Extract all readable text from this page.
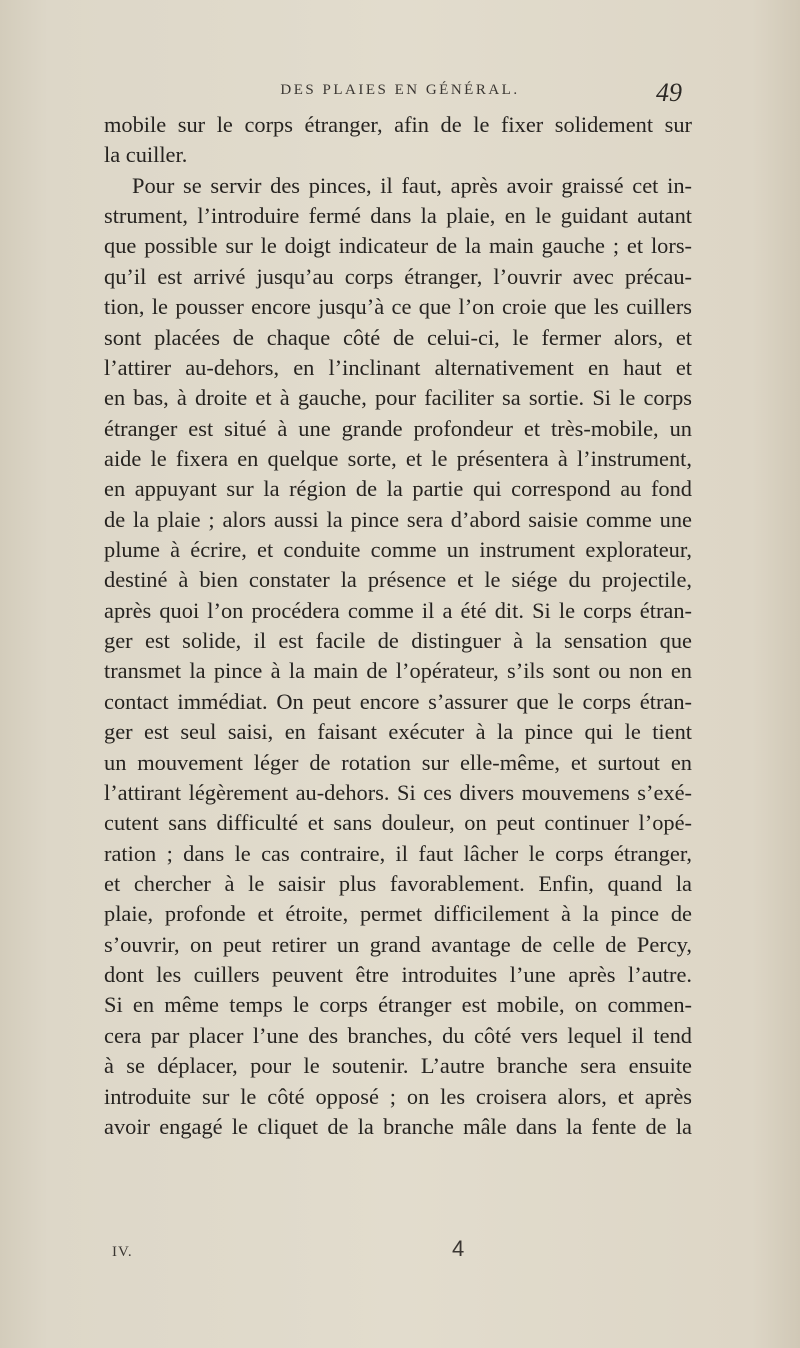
DES PLAIES EN GÉNÉRAL.	49
mobile sur le corps étranger, afin de le fixer solidement sur
la cuiller.
Pour se servir des pinces, il faut, après avoir graissé cet in-
strument, l’introduire fermé dans la plaie, en le guidant autant
que possible sur le doigt indicateur de la main gauche ; et lors-
qu’il est arrivé jusqu’au corps étranger, l’ouvrir avec précau-
tion, le pousser encore jusqu’à ce que l’on croie que les cuillers
sont placées de chaque côté de celui-ci, le fermer alors, et
l’attirer au-dehors, en l’inclinant alternativement en haut et
en bas, à droite et à gauche, pour faciliter sa sortie. Si le corps
étranger est situé à une grande profondeur et très-mobile, un
aide le fixera en quelque sorte, et le présentera à l’instrument,
en appuyant sur la région de la partie qui correspond au fond
de la plaie ; alors aussi la pince sera d’abord saisie comme une
plume à écrire, et conduite comme un instrument explorateur,
destiné à bien constater la présence et le siége du projectile,
après quoi l’on procédera comme il a été dit. Si le corps étran-
ger est solide, il est facile de distinguer à la sensation que
transmet la pince à la main de l’opérateur, s’ils sont ou non en
contact immédiat. On peut encore s’assurer que le corps étran-
ger est seul saisi, en faisant exécuter à la pince qui le tient
un mouvement léger de rotation sur elle-même, et surtout en
l’attirant légèrement au-dehors. Si ces divers mouvemens s’exé-
cutent sans difficulté et sans douleur, on peut continuer l’opé-
ration ; dans le cas contraire, il faut lâcher le corps étranger,
et chercher à le saisir plus favorablement. Enfin, quand la
plaie, profonde et étroite, permet difficilement à la pince de
s’ouvrir, on peut retirer un grand avantage de celle de Percy,
dont les cuillers peuvent être introduites l’une après l’autre.
Si en même temps le corps étranger est mobile, on commen-
cera par placer l’une des branches, du côté vers lequel il tend
à se déplacer, pour le soutenir. L’autre branche sera ensuite
introduite sur le côté opposé ; on les croisera alors, et après
avoir engagé le cliquet de la branche mâle dans la fente de la
IV.	4
